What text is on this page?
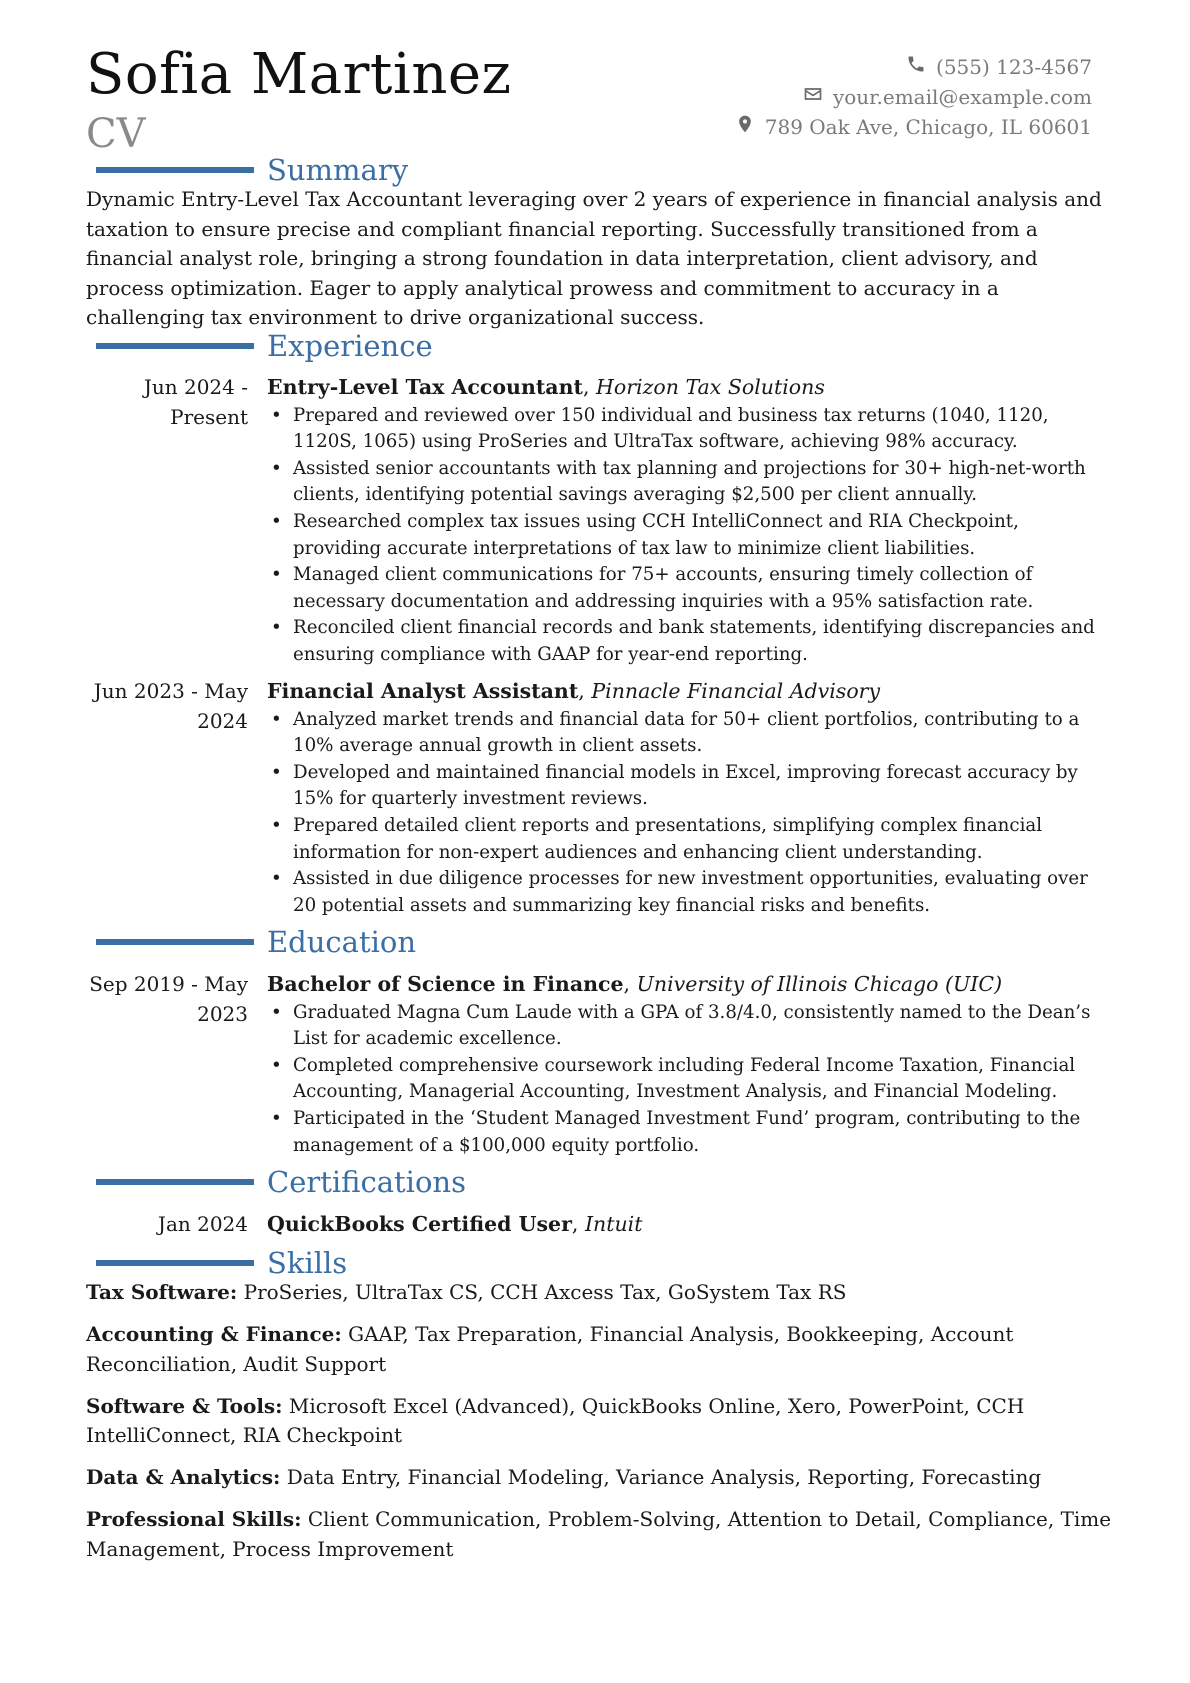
Sofia Martinez
CV
(555) 123-4567
your.email@example.com
789 Oak Ave, Chicago, IL 60601
Summary
Dynamic Entry-Level Tax Accountant leveraging over 2 years of experience in financial analysis and taxation to ensure precise and compliant financial reporting. Successfully transitioned from a financial analyst role, bringing a strong foundation in data interpretation, client advisory, and process optimization. Eager to apply analytical prowess and commitment to accuracy in a challenging tax environment to drive organizational success.
Experience
Jun 2024 - Present
Entry-Level Tax Accountant, Horizon Tax Solutions
• Prepared and reviewed over 150 individual and business tax returns (1040, 1120, 1120S, 1065) using ProSeries and UltraTax software, achieving 98% accuracy.
• Assisted senior accountants with tax planning and projections for 30+ high-net-worth clients, identifying potential savings averaging $2,500 per client annually.
• Researched complex tax issues using CCH IntelliConnect and RIA Checkpoint, providing accurate interpretations of tax law to minimize client liabilities.
• Managed client communications for 75+ accounts, ensuring timely collection of necessary documentation and addressing inquiries with a 95% satisfaction rate.
• Reconciled client financial records and bank statements, identifying discrepancies and ensuring compliance with GAAP for year-end reporting.
Jun 2023 - May 2024
Financial Analyst Assistant, Pinnacle Financial Advisory
• Analyzed market trends and financial data for 50+ client portfolios, contributing to a 10% average annual growth in client assets.
• Developed and maintained financial models in Excel, improving forecast accuracy by 15% for quarterly investment reviews.
• Prepared detailed client reports and presentations, simplifying complex financial information for non-expert audiences and enhancing client understanding.
• Assisted in due diligence processes for new investment opportunities, evaluating over 20 potential assets and summarizing key financial risks and benefits.
Education
Sep 2019 - May 2023
Bachelor of Science in Finance, University of Illinois Chicago (UIC)
• Graduated Magna Cum Laude with a GPA of 3.8/4.0, consistently named to the Dean’s List for academic excellence.
• Completed comprehensive coursework including Federal Income Taxation, Financial Accounting, Managerial Accounting, Investment Analysis, and Financial Modeling.
• Participated in the ‘Student Managed Investment Fund’ program, contributing to the management of a $100,000 equity portfolio.
Certifications
Jan 2024 QuickBooks Certified User, Intuit
Skills
Tax Software: ProSeries, UltraTax CS, CCH Axcess Tax, GoSystem Tax RS
Accounting & Finance: GAAP, Tax Preparation, Financial Analysis, Bookkeeping, Account Reconciliation, Audit Support
Software & Tools: Microsoft Excel (Advanced), QuickBooks Online, Xero, PowerPoint, CCH IntelliConnect, RIA Checkpoint
Data & Analytics: Data Entry, Financial Modeling, Variance Analysis, Reporting, Forecasting
Professional Skills: Client Communication, Problem-Solving, Attention to Detail, Compliance, Time Management, Process Improvement
